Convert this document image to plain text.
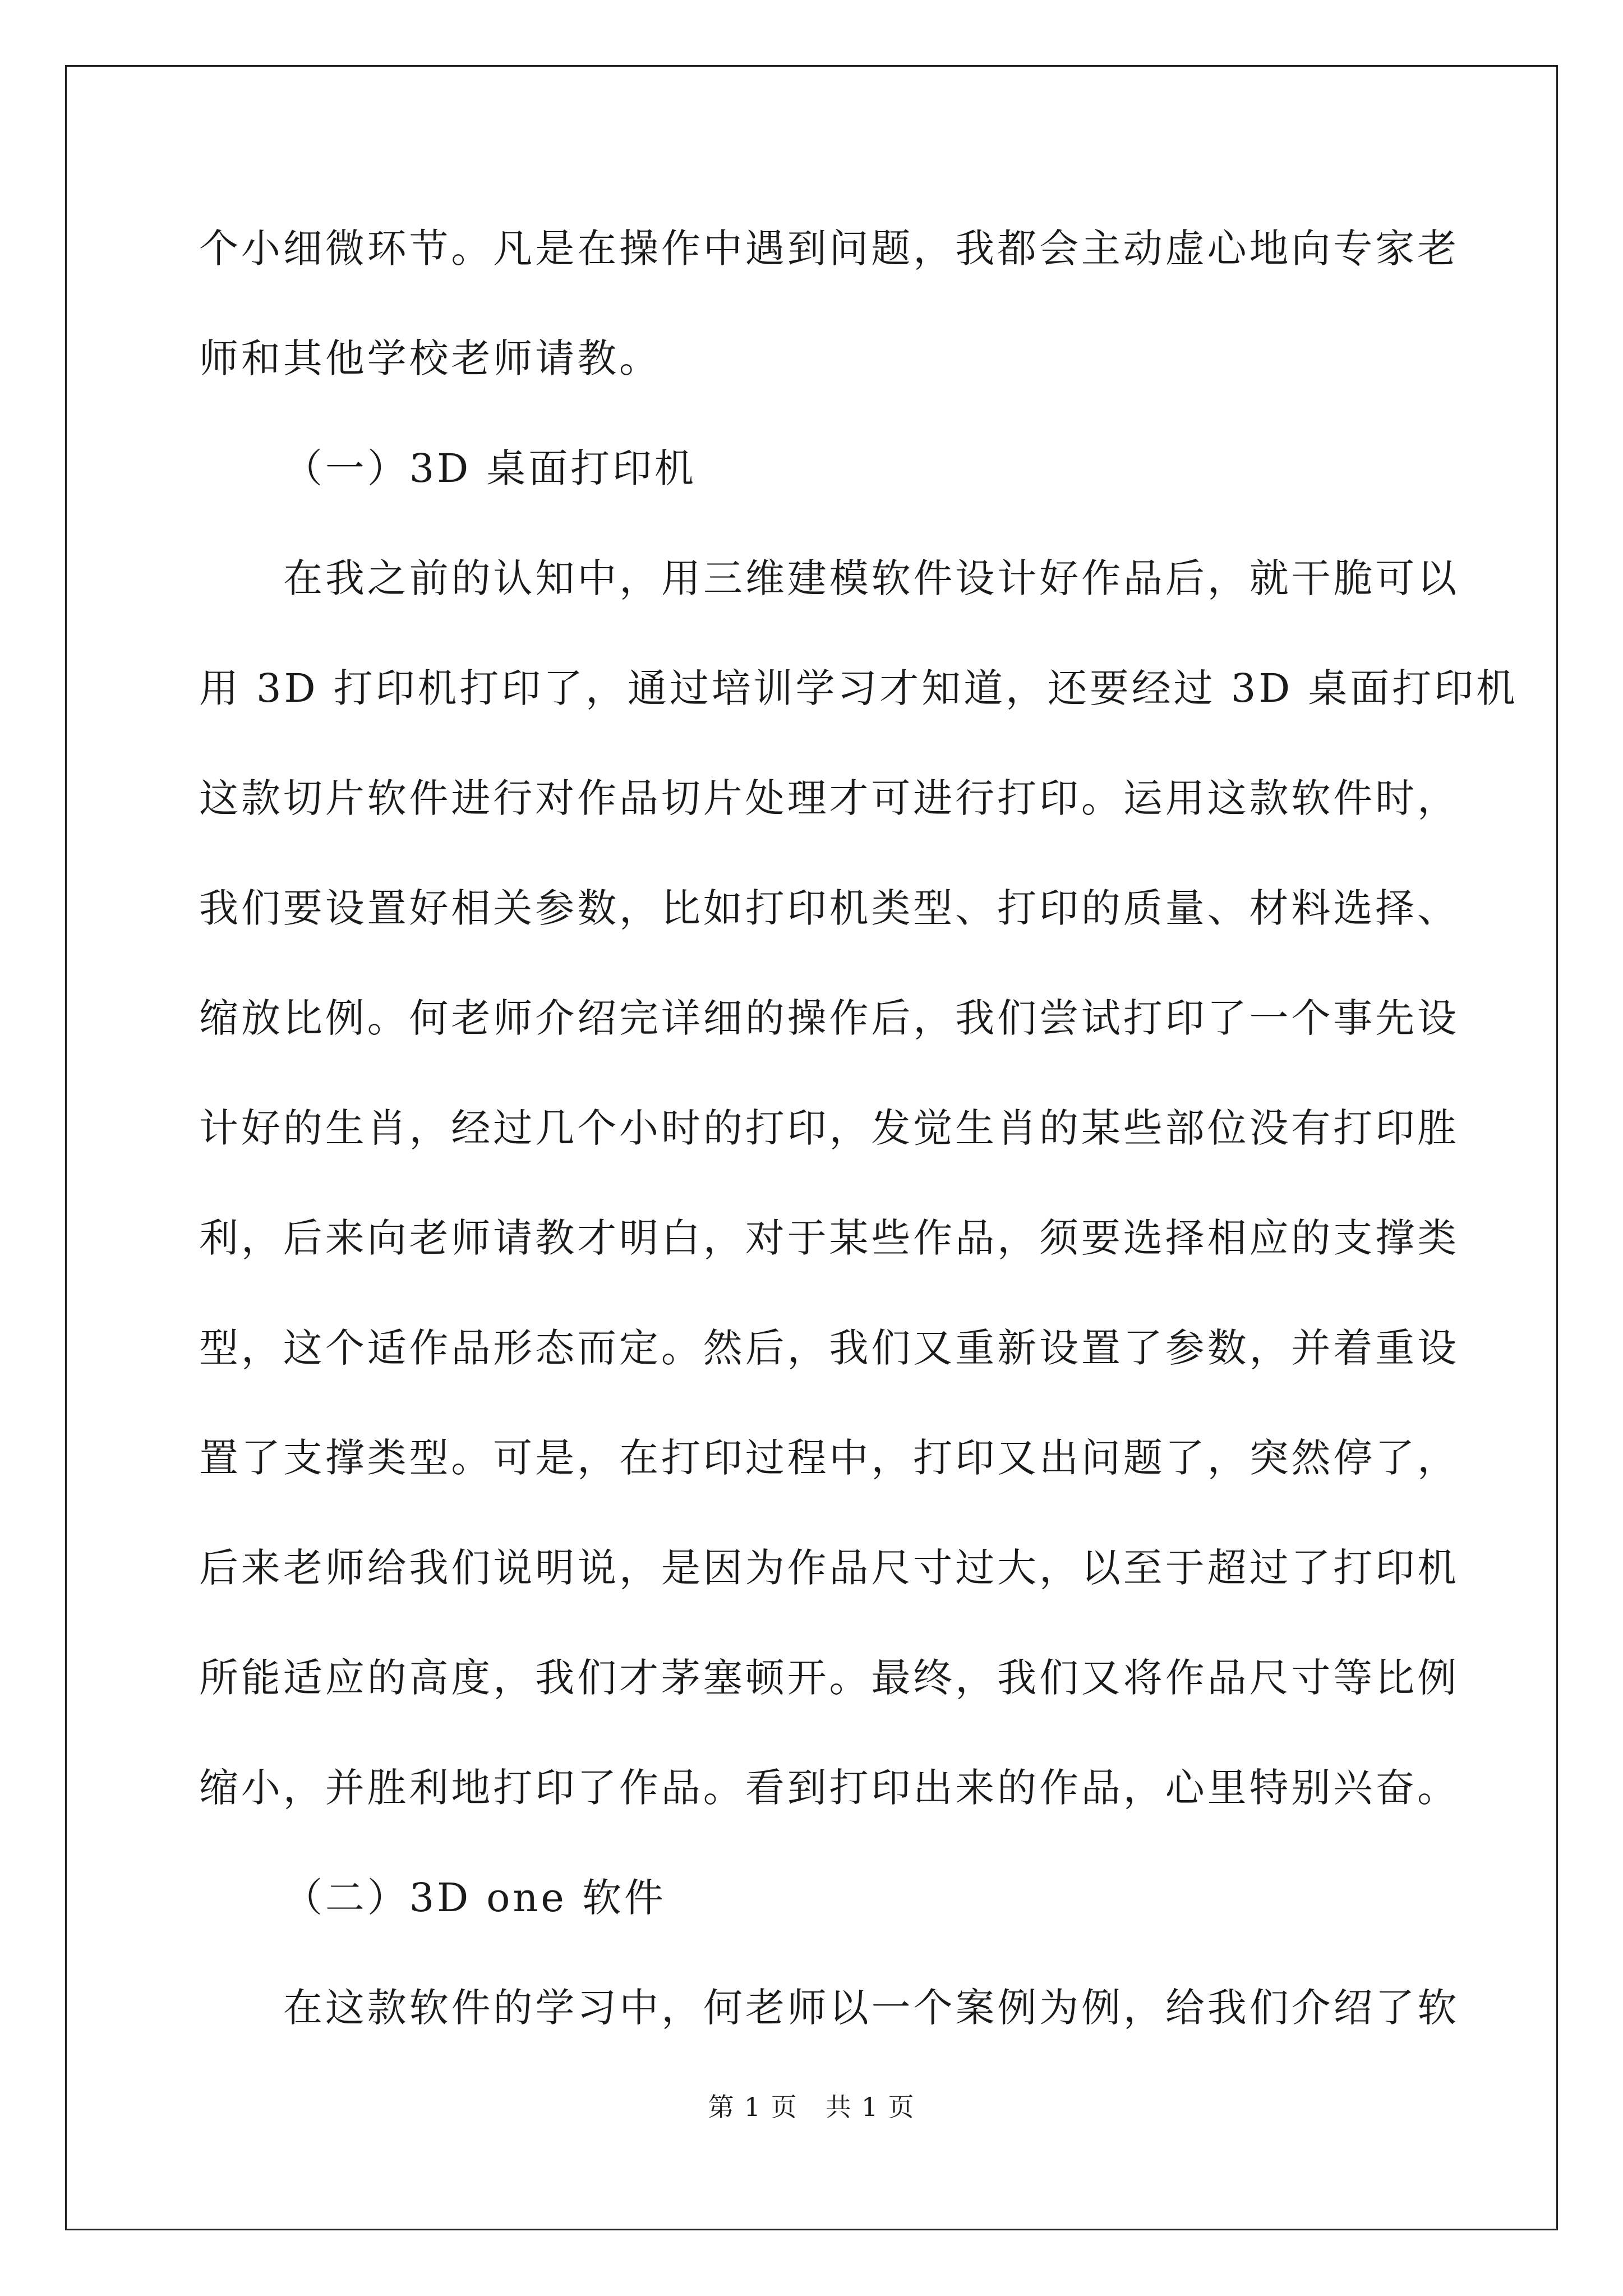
个小细微环节。凡是在操作中遇到问题，我都会主动虚心地向专家老
师和其他学校老师请教。
（一）3D 桌面打印机
在我之前的认知中，用三维建模软件设计好作品后，就干脆可以
用 3D 打印机打印了，通过培训学习才知道，还要经过 3D 桌面打印机
这款切片软件进行对作品切片处理才可进行打印。运用这款软件时，
我们要设置好相关参数，比如打印机类型、打印的质量、材料选择、
缩放比例。何老师介绍完详细的操作后，我们尝试打印了一个事先设
计好的生肖，经过几个小时的打印，发觉生肖的某些部位没有打印胜
利，后来向老师请教才明白，对于某些作品，须要选择相应的支撑类
型，这个适作品形态而定。然后，我们又重新设置了参数，并着重设
置了支撑类型。可是，在打印过程中，打印又出问题了，突然停了，
后来老师给我们说明说，是因为作品尺寸过大，以至于超过了打印机
所能适应的高度，我们才茅塞顿开。最终，我们又将作品尺寸等比例
缩小，并胜利地打印了作品。看到打印出来的作品，心里特别兴奋。
（二）3D one 软件
在这款软件的学习中，何老师以一个案例为例，给我们介绍了软
第 1 页   共 1 页
